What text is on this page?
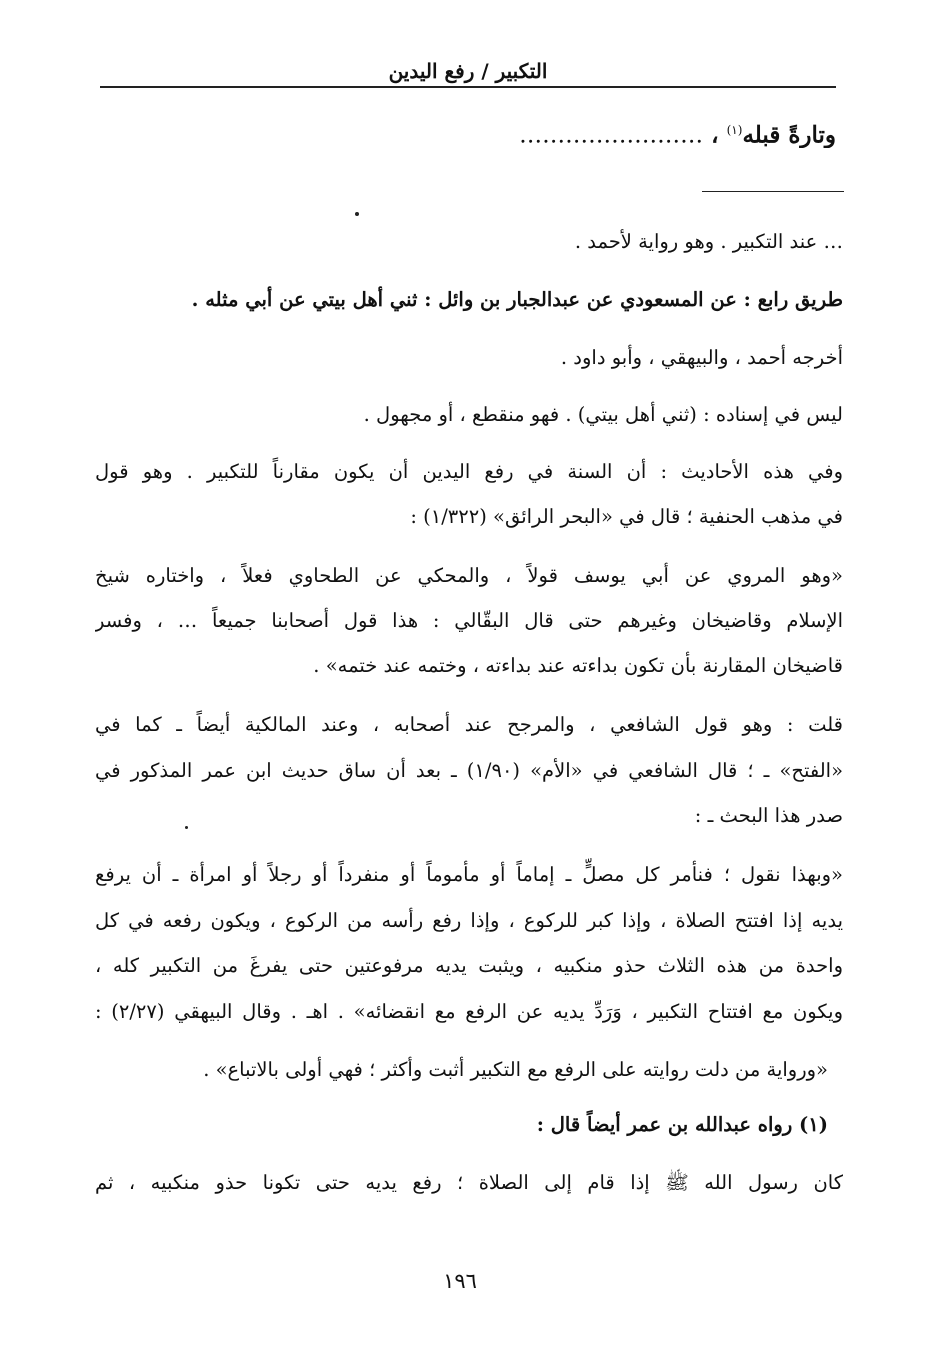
التكبير / رفع اليدين
وتارةً قبله$^{(١)}$ ، ……………………
… عند التكبير . وهو رواية لأحمد .
طريق رابع : عن المسعودي عن عبدالجبار بن وائل : ثني أهل بيتي عن أبي مثله .
أخرجه أحمد ، والبيهقي ، وأبو داود .
ليس في إسناده : (ثني أهل بيتي) . فهو منقطع ، أو مجهول .
وفي هذه الأحاديث : أن السنة في رفع اليدين أن يكون مقارناً للتكبير . وهو قول
في مذهب الحنفية ؛ قال في «البحر الرائق» (١/٣٢٢) :
«وهو المروي عن أبي يوسف قولاً ، والمحكي عن الطحاوي فعلاً ، واختاره شيخ
الإسلام وقاضيخان وغيرهم حتى قال البقّالي : هذا قول أصحابنا جميعاً … ، وفسر
قاضيخان المقارنة بأن تكون بداءته عند بداءته ، وختمه عند ختمه» .
قلت : وهو قول الشافعي ، والمرجح عند أصحابه ، وعند المالكية أيضاً ـ كما في
«الفتح» ـ ؛ قال الشافعي في «الأم» (١/٩٠) ـ بعد أن ساق حديث ابن عمر المذكور في
صدر هذا البحث ـ :
«وبهذا نقول ؛ فنأمر كل مصلٍّ ـ إماماً أو مأموماً أو منفرداً أو رجلاً أو امرأة ـ أن يرفع
يديه إذا افتتح الصلاة ، وإذا كبر للركوع ، وإذا رفع رأسه من الركوع ، ويكون رفعه في كل
واحدة من هذه الثلاث حذو منكبيه ، ويثبت يديه مرفوعتين حتى يفرغَ من التكبير كله ،
ويكون مع افتتاح التكبير ، وَرَدِّ يديه عن الرفع مع انقضائه» . اهـ . وقال البيهقي (٢/٢٧) :
«ورواية من دلت روايته على الرفع مع التكبير أثبت وأكثر ؛ فهي أولى بالاتباع» .
(١) رواه عبدالله بن عمر أيضاً قال :
كان رسول الله ﷺ إذا قام إلى الصلاة ؛ رفع يديه حتى تكونا حذو منكبيه ، ثم
١٩٦
